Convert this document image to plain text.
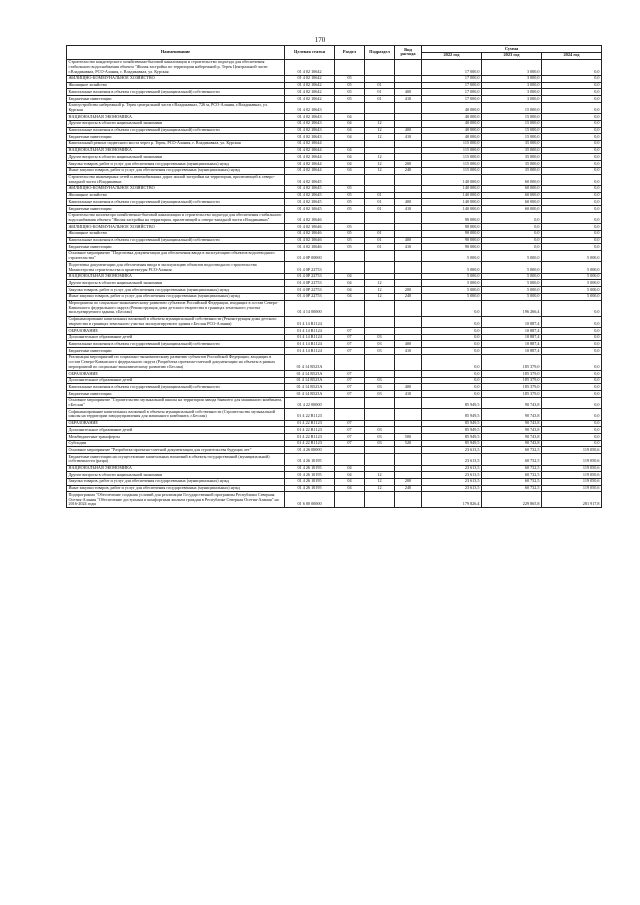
170
Наименование	Целевая статья	Раздел	Подраздел	Вид расхода	Сумма		
					2022 год	2023 год	2024 год
Строительство кондитерского хозяйственно-бытовой канализации и строительство подъезда для обеспечения стабильного водоснабжения объекта "Жилая застройка по территории набережной р. Терек Центральной части г.Владикавказ, РСО-Алания, г. Владикавказ, ул. Курская	01 4 02 10642				17 000,0	3 000,0	0,0
ЖИЛИЩНО-КОММУНАЛЬНОЕ ХОЗЯЙСТВО	01 4 02 10642	05			17 000,0	3 000,0	0,0
Жилищное хозяйство	01 4 02 10642	05	01		17 000,0	3 000,0	0,0
Капитальные вложения в объекты государственной (муниципальной) собственности	01 4 02 10642	05	01	400	17 000,0	3 000,0	0,0
Бюджетные инвестиции	01 4 02 10642	05	01	410	17 000,0	3 000,0	0,0
Благоустройство набережной р. Терек центральной части г.Владикавказ, 726 м, РСО-Алания, г.Владикавказ, ул. Курская	01 4 02 10643				40 000,0	15 000,0	0,0
НАЦИОНАЛЬНАЯ ЭКОНОМИКА	01 4 02 10643	04			40 000,0	15 000,0	0,0
Другие вопросы в области национальной экономики	01 4 02 10643	04	12		40 000,0	15 000,0	0,0
Капитальные вложения в объекты государственной (муниципальной) собственности	01 4 02 10643	04	12	400	40 000,0	15 000,0	0,0
Бюджетные инвестиции	01 4 02 10643	04	12	410	40 000,0	15 000,0	0,0
Капитальный ремонт подвесного моста через р. Терек, РСО-Алания, г. Владикавказ, ул. Курская	01 4 02 10644				115 000,0	35 000,0	0,0
НАЦИОНАЛЬНАЯ ЭКОНОМИКА	01 4 02 10644	04			115 000,0	35 000,0	0,0
Другие вопросы в области национальной экономики	01 4 02 10644	04	12		115 000,0	35 000,0	0,0
Закупка товаров, работ и услуг для обеспечения государственных (муниципальных) нужд	01 4 02 10644	04	12	200	115 000,0	35 000,0	0,0
Иные закупки товаров, работ и услуг для обеспечения государственных (муниципальных) нужд	01 4 02 10644	04	12	240	115 000,0	35 000,0	0,0
Строительство инженерных сетей и автомобильных дорог жилой застройки на территории, прилегающей к северо-западной части г.Владикавказ	01 4 02 10645				140 000,0	60 000,0	0,0
ЖИЛИЩНО-КОММУНАЛЬНОЕ ХОЗЯЙСТВО	01 4 02 10645	05			140 000,0	60 000,0	0,0
Жилищное хозяйство	01 4 02 10645	05	01		140 000,0	60 000,0	0,0
Капитальные вложения в объекты государственной (муниципальной) собственности	01 4 02 10645	05	01	400	140 000,0	60 000,0	0,0
Бюджетные инвестиции	01 4 02 10645	05	01	410	140 000,0	60 000,0	0,0
Строительство коллектора хозяйственно-бытовой канализации и строительство подъезда для обеспечения стабильного водоснабжения объекта "Жилая застройка на территории, прилегающей к северо-западной части г.Владикавказ"	01 4 02 10646				90 000,0	0,0	0,0
ЖИЛИЩНО-КОММУНАЛЬНОЕ ХОЗЯЙСТВО	01 4 02 10646	05			90 000,0	0,0	0,0
Жилищное хозяйство	01 4 02 10646	05	01		90 000,0	0,0	0,0
Капитальные вложения в объекты государственной (муниципальной) собственности	01 4 02 10646	05	01	400	90 000,0	0,0	0,0
Бюджетные инвестиции	01 4 02 10646	05	01	410	90 000,0	0,0	0,0
Основное мероприятие "Подготовка документации для обеспечения ввода в эксплуатацию объектов водоотводного строительства"	01 4 0P 00000				5 000,0	5 000,0	5 000,0
Подготовка документации для обеспечения ввода в эксплуатацию объектов водоотводного строительства Министерства строительства и архитектуры РСО-Алания	01 4 0P 22753				5 000,0	5 000,0	5 000,0
НАЦИОНАЛЬНАЯ ЭКОНОМИКА	01 4 0P 22753	04			5 000,0	5 000,0	5 000,0
Другие вопросы в области национальной экономики	01 4 0P 22753	04	12		5 000,0	5 000,0	5 000,0
Закупка товаров, работ и услуг для обеспечения государственных (муниципальных) нужд	01 4 0P 22753	04	12	200	5 000,0	5 000,0	5 000,0
Иные закупки товаров, работ и услуг для обеспечения государственных (муниципальных) нужд	01 4 0P 22753	04	12	240	5 000,0	5 000,0	5 000,0
Мероприятия по социально-экономическому развитию субъектов Российской Федерации, входящих в состав Северо-Кавказского федерального округа (Реконструкция дома детского творчества в границах земельного участка эксплуатируемого здания, г.Беслан)	01 4 14 00000				0,0	196 266,4	0,0
Софинансирование капитальных вложений в объекты муниципальной собственности (Реконструкция дома детского творчества в границах земельного участка эксплуатируемого здания г.Беслан РСО-Алания)	01 4 14 R1124				0,0	10 887,4	0,0
ОБРАЗОВАНИЕ	01 4 14 R1124	07			0,0	10 887,4	0,0
Дополнительное образование детей	01 4 14 R1124	07	03		0,0	10 887,4	0,0
Капитальные вложения в объекты государственной (муниципальной) собственности	01 4 14 R1124	07	03	400	0,0	10 887,4	0,0
Бюджетные инвестиции	01 4 14 R1124	07	03	410	0,0	10 887,4	0,0
Реализация мероприятий по социально-экономическому развитию субъектов Российской Федерации, входящих в состав Северо-Кавказского федерального округа (Разработка проектно-сметной документации на объекты в рамках мероприятий по социально-экономическому развитию г.Беслан)	01 4 14 R523A				0,0	185 379,0	0,0
ОБРАЗОВАНИЕ	01 4 14 R523A	07			0,0	185 379,0	0,0
Дополнительное образование детей	01 4 14 R523A	07	03		0,0	185 379,0	0,0
Капитальные вложения в объекты государственной (муниципальной) собственности	01 4 14 R523A	07	03	400	0,0	185 379,0	0,0
Бюджетные инвестиции	01 4 14 R523A	07	03	410	0,0	185 379,0	0,0
Основное мероприятие "Строительство музыкальной школы на территории завода бывшего для машинного комбината, г.Беслан"	01 4 22 00000				85 949,5	90 743,8	0,0
Софинансирование капитальных вложений в объекты муниципальной собственности (Строительство музыкальной школы на территории заводоуправления для машинного комбината, г.Беслан)	01 4 22 R1123				85 949,5	90 743,8	0,0
ОБРАЗОВАНИЕ	01 4 22 R1123	07			85 949,5	90 743,8	0,0
Дополнительное образование детей	01 4 22 R1123	07	03		85 949,5	90 743,8	0,0
Межбюджетные трансферты	01 4 22 R1123	07	03	500	85 949,5	90 743,8	0,0
Субсидии	01 4 22 R1123	07	03	520	85 949,5	90 743,8	0,0
Основное мероприятие "Разработка проектно-сметной документации для строительства будущих лет"	01 4 26 00000				23 613,5	60 732,5	119 050,6
Бюджетные инвестиции на осуществление капитальных вложений в объекты государственной (муниципальной) собственности (разра)	01 4 26 10195				23 613,5	60 732,5	119 050,6
НАЦИОНАЛЬНАЯ ЭКОНОМИКА	01 4 26 10195	04			23 613,5	60 732,5	119 050,6
Другие вопросы в области национальной экономики	01 4 26 10195	04	12		23 613,5	60 732,5	119 050,6
Закупка товаров, работ и услуг для обеспечения государственных (муниципальных) нужд	01 4 26 10195	04	12	200	23 613,5	60 732,5	119 050,6
Иные закупки товаров, работ и услуг для обеспечения государственных (муниципальных) нужд	01 4 26 10195	04	12	240	23 613,5	60 732,5	119 050,6
Подпрограмма "Обеспечение создания условий для реализации Государственной программы Республики Северная Осетия-Алания "Обеспечение доступным и комфортным жильем граждан в Республике Северная Осетия-Алания" на 2016-2024 годы	01 6 00 00000				179 826,4	229 865,8	281 917,8
